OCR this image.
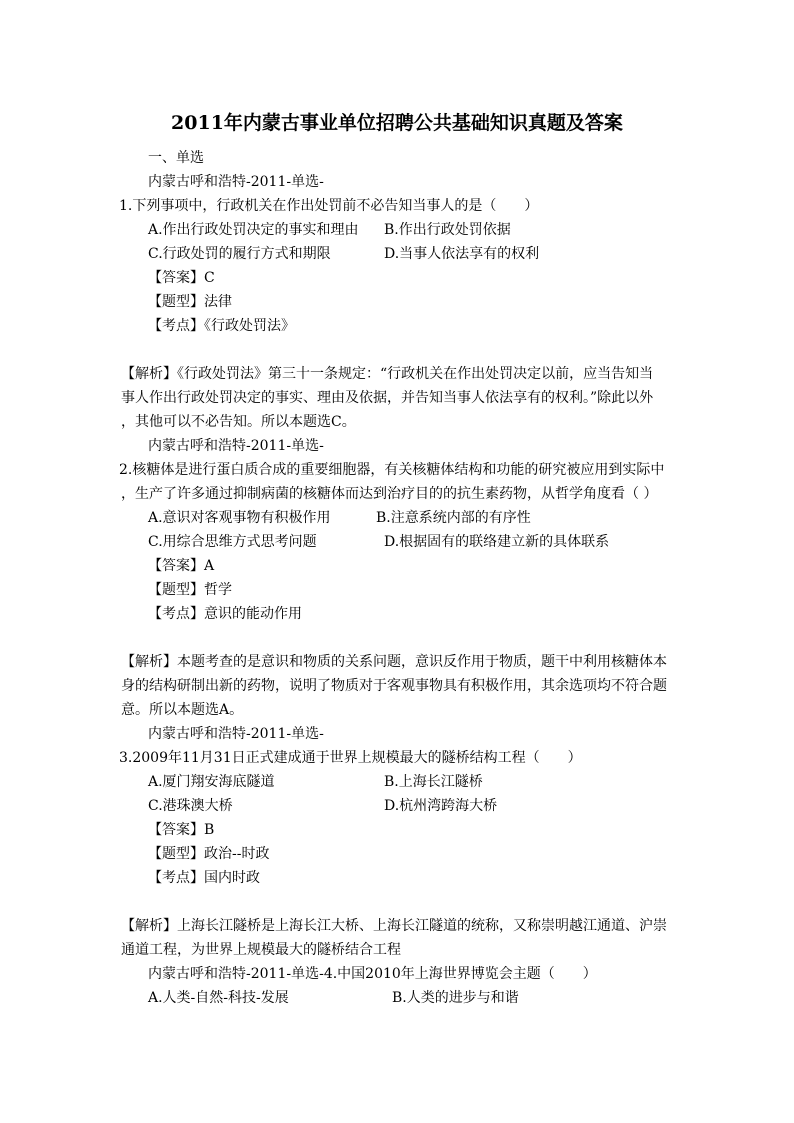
2011年内蒙古事业单位招聘公共基础知识真题及答案
一、单选
内蒙古呼和浩特-2011-单选-
1.下列事项中，行政机关在作出处罚前不必告知当事人的是（　　）
A.作出行政处罚决定的事实和理由 B.作出行政处罚依据
C.行政处罚的履行方式和期限	D.当事人依法享有的权利
【答案】C
【题型】法律
【考点】《行政处罚法》
【解析】《行政处罚法》第三十一条规定：“行政机关在作出处罚决定以前，应当告知当
事人作出行政处罚决定的事实、理由及依据，并告知当事人依法享有的权利。”除此以外
，其他可以不必告知。所以本题选C。
内蒙古呼和浩特-2011-单选-
2.核糖体是进行蛋白质合成的重要细胞器，有关核糖体结构和功能的研究被应用到实际中
，生产了许多通过抑制病菌的核糖体而达到治疗目的的抗生素药物，从哲学角度看（ ）
A.意识对客观事物有积极作用	B.注意系统内部的有序性
C.用综合思维方式思考问题	D.根据固有的联络建立新的具体联系
【答案】A
【题型】哲学
【考点】意识的能动作用
【解析】本题考查的是意识和物质的关系问题，意识反作用于物质，题干中利用核糖体本
身的结构研制出新的药物，说明了物质对于客观事物具有积极作用，其余选项均不符合题
意。所以本题选A。
内蒙古呼和浩特-2011-单选-
3.2009年11月31日正式建成通于世界上规模最大的隧桥结构工程（　　）
A.厦门翔安海底隧道	B.上海长江隧桥
C.港珠澳大桥	D.杭州湾跨海大桥
【答案】B
【题型】政治--时政
【考点】国内时政
【解析】上海长江隧桥是上海长江大桥、上海长江隧道的统称，又称崇明越江通道、沪崇
通道工程，为世界上规模最大的隧桥结合工程
内蒙古呼和浩特-2011-单选-4.中国2010年上海世界博览会主题（　　）
A.人类-自然-科技-发展	B.人类的进步与和谐
